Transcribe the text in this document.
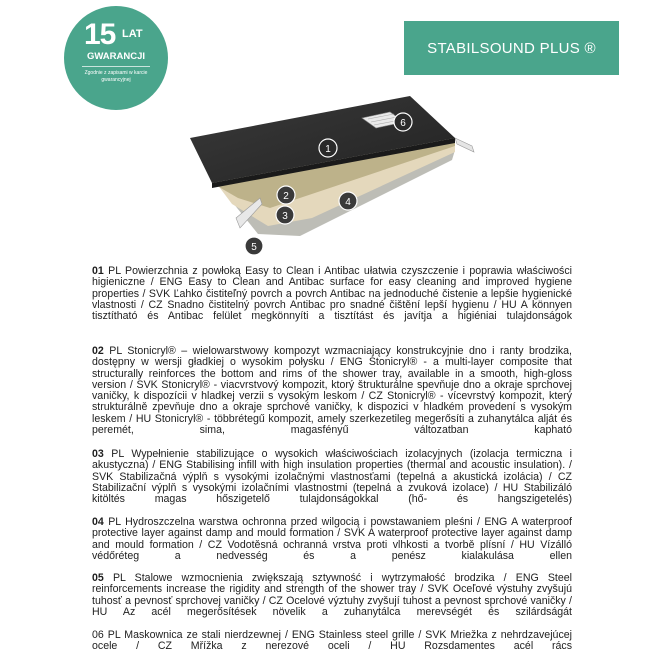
15 LAT
GWARANCJI
Zgodnie z zapisami w karcie
gwarancyjnej
STABILSOUND PLUS ®
1
2
3
4
5
6

01 PL Powierzchnia z powłoką Easy to Clean i Antibac ułatwia czyszczenie i poprawia właściwości higieniczne / ENG Easy to Clean and Antibac surface for easy cleaning and improved hygiene properties / SVK Ľahko čistiteľný povrch a povrch Antibac na jednoduché čistenie a lepšie hygienické vlastnosti / CZ Snadno čistitelný povrch Antibac pro snadné čištění lepší hygienu / HU A könnyen tisztítható és Antibac felület megkönnyíti a tisztítást és javítja a higiéniai tulajdonságok

02 PL Stonicryl® – wielowarstwowy kompozyt wzmacniający konstrukcyjnie dno i ranty brodzika, dostępny w wersji gładkiej o wysokim połysku / ENG Stonicryl® - a multi-layer composite that structurally reinforces the bottom and rims of the shower tray, available in a smooth, high-gloss version / SVK Stonicryl® - viacvrstvový kompozit, ktorý štrukturálne spevňuje dno a okraje sprchovej vaničky, k dispozícii v hladkej verzii s vysokým leskom / CZ Stonicryl® - vícevrstvý kompozit, který strukturálně zpevňuje dno a okraje sprchové vaničky, k dispozici v hladkém provedení s vysokým leskem / HU Stonicryl® - többrétegű kompozit, amely szerkezetileg megerősíti a zuhanytálca alját és peremét, sima, magasfényű változatban kapható

03 PL Wypełnienie stabilizujące o wysokich właściwościach izolacyjnych (izolacja termiczna i akustyczna) / ENG Stabilising infill with high insulation properties (thermal and acoustic insulation). / SVK Stabilizačná výplň s vysokými izolačnými vlastnosťami (tepelná a akustická izolácia) / CZ Stabilizační výplň s vysokými izolačními vlastnostmi (tepelná a zvuková izolace) / HU Stabilizáló kitöltés magas hőszigetelő tulajdonságokkal (hő- és hangszigetelés)

04 PL Hydroszczelna warstwa ochronna przed wilgocią i powstawaniem pleśni / ENG A waterproof protective layer against damp and mould formation / SVK A waterproof protective layer against damp and mould formation / CZ Vodotěsná ochranná vrstva proti vlhkosti a tvorbě plísní / HU Vízálló védőréteg a nedvesség és a penész kialakulása ellen

05 PL Stalowe wzmocnienia zwiększają sztywność i wytrzymałość brodzika / ENG Steel reinforcements increase the rigidity and strength of the shower tray / SVK Oceľové výstuhy zvyšujú tuhosť a pevnosť sprchovej vaničky / CZ Ocelové výztuhy zvyšují tuhost a pevnost sprchové vaničky / HU Az acél megerősítések növelik a zuhanytálca merevségét és szilárdságát

06 PL Maskownica ze stali nierdzewnej / ENG Stainless steel grille / SVK Mriežka z nehrdzavejúcej ocele / CZ Mřížka z nerezové oceli / HU Rozsdamentes acél rács
